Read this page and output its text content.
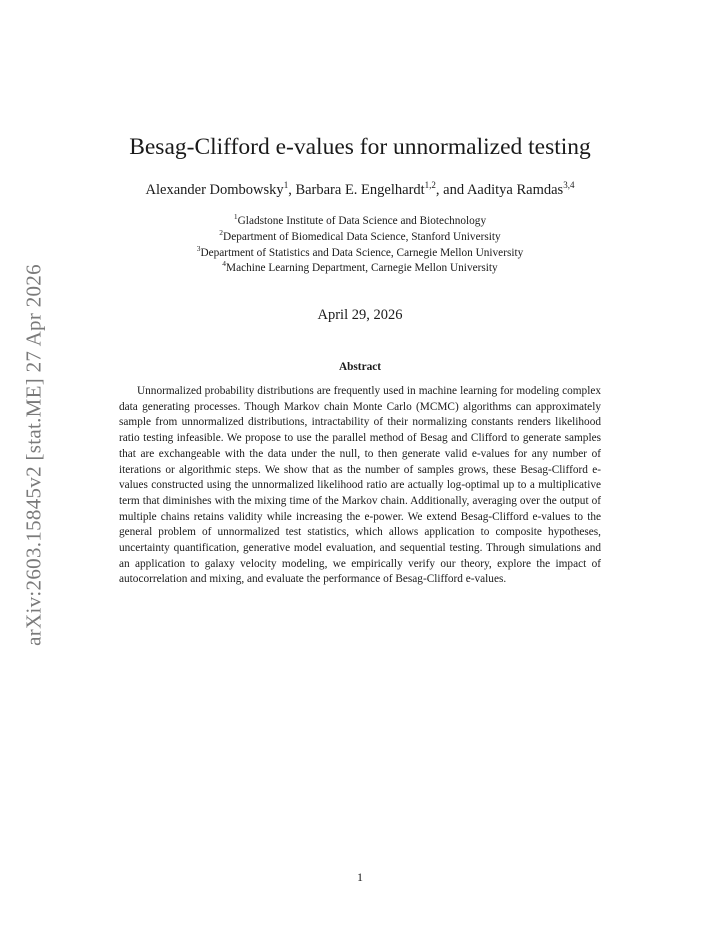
arXiv:2603.15845v2 [stat.ME] 27 Apr 2026
Besag-Clifford e-values for unnormalized testing
Alexander Dombowsky$^1$, Barbara E. Engelhardt$^{1,2}$, and Aaditya Ramdas$^{3,4}$
$^1$Gladstone Institute of Data Science and Biotechnology
$^2$Department of Biomedical Data Science, Stanford University
$^3$Department of Statistics and Data Science, Carnegie Mellon University
$^4$Machine Learning Department, Carnegie Mellon University
April 29, 2026
Abstract
Unnormalized probability distributions are frequently used in machine learning for modeling complex data generating processes. Though Markov chain Monte Carlo (MCMC) algorithms can approximately sample from unnormalized distributions, intractability of their normalizing constants renders likelihood ratio testing infeasible. We propose to use the parallel method of Besag and Clifford to generate samples that are exchangeable with the data under the null, to then generate valid e-values for any number of iterations or algorithmic steps. We show that as the number of samples grows, these Besag-Clifford e-values constructed using the unnormalized likelihood ratio are actually log-optimal up to a multiplicative term that diminishes with the mixing time of the Markov chain. Additionally, averaging over the output of multiple chains retains validity while increasing the e-power. We extend Besag-Clifford e-values to the general problem of unnormalized test statistics, which allows application to composite hypotheses, uncertainty quantification, generative model evaluation, and sequential testing. Through simulations and an application to galaxy velocity modeling, we empirically verify our theory, explore the impact of autocorrelation and mixing, and evaluate the performance of Besag-Clifford e-values.
1
